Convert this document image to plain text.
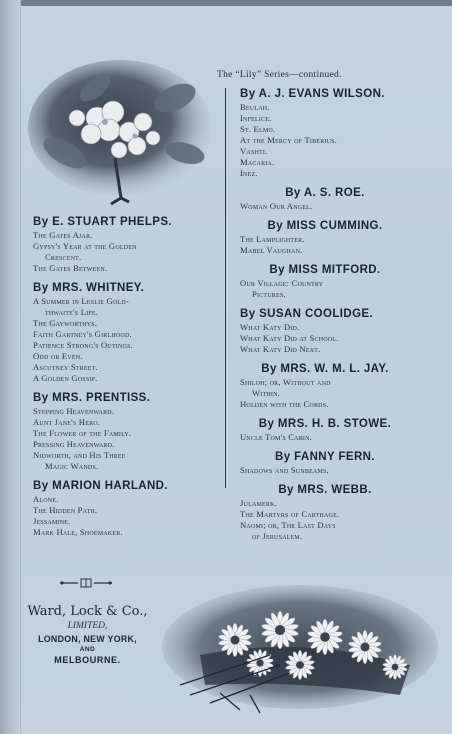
The “Lily” Series—continued.
By E. STUART PHELPS.
The Gates Ajar.
Gypsy's Year at the Golden
Crescent.
The Gates Between.
By MRS. WHITNEY.
A Summer in Leslie Gold-
thwaite's Life.
The Gayworthys.
Faith Gartney's Girlhood.
Patience Strong's Outings.
Odd or Even.
Ascutney Street.
A Golden Gossip.
By MRS. PRENTISS.
Stepping Heavenward.
Aunt Jane's Hero.
The Flower of the Family.
Pressing Heavenward.
Nidworth, and His Three
Magic Wands.
By MARION HARLAND.
Alone.
The Hidden Path.
Jessamine.
Mark Hale, Shoemaker.
By A. J. EVANS WILSON.
Beulah.
Infelice.
St. Elmo.
At the Mercy of Tiberius.
Vashti.
Macaria.
Inez.
By A. S. ROE.
Woman Our Angel.
By MISS CUMMING.
The Lamplighter.
Mabel Vaughan.
By MISS MITFORD.
Our Village: Country
Pictures.
By SUSAN COOLIDGE.
What Katy Did.
What Katy Did at School.
What Katy Did Next.
By MRS. W. M. L. JAY.
Shiloh; or, Without and
Within.
Holden with the Cords.
By MRS. H. B. STOWE.
Uncle Tom's Cabin.
By FANNY FERN.
Shadows and Sunbeams.
By MRS. WEBB.
Julamerk.
The Martyrs of Carthage.
Naomi; or, The Last Days
of Jerusalem.
Ward, Lock & Co.,
LIMITED,
LONDON, NEW YORK,
AND
MELBOURNE.
